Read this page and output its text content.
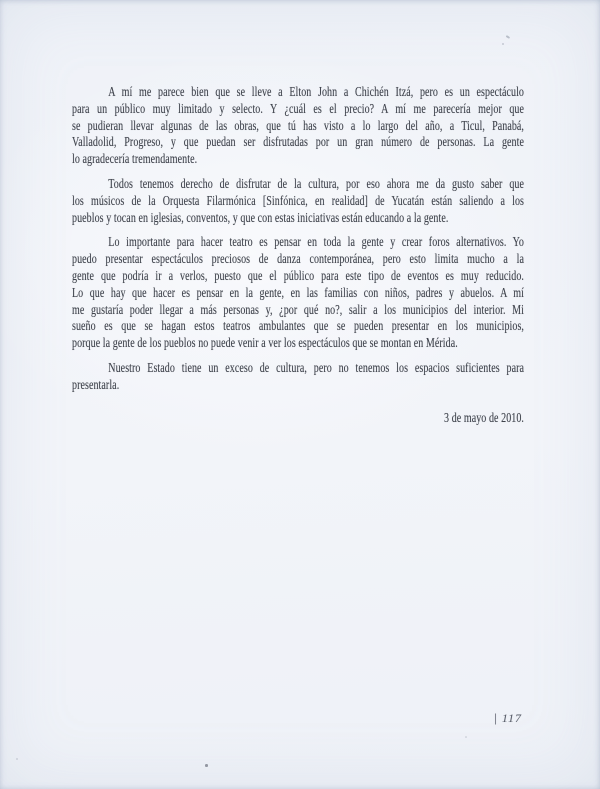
A mí me parece bien que se lleve a Elton John a Chichén Itzá, pero es un espectáculo
para un público muy limitado y selecto. Y ¿cuál es el precio? A mí me parecería mejor que
se pudieran llevar algunas de las obras, que tú has visto a lo largo del año, a Ticul, Panabá,
Valladolid, Progreso, y que puedan ser disfrutadas por un gran número de personas. La gente
lo agradecería tremendamente.
Todos tenemos derecho de disfrutar de la cultura, por eso ahora me da gusto saber que
los músicos de la Orquesta Filarmónica [Sinfónica, en realidad] de Yucatán están saliendo a los
pueblos y tocan en iglesias, conventos, y que con estas iniciativas están educando a la gente.
Lo importante para hacer teatro es pensar en toda la gente y crear foros alternativos. Yo
puedo presentar espectáculos preciosos de danza contemporánea, pero esto limita mucho a la
gente que podría ir a verlos, puesto que el público para este tipo de eventos es muy reducido.
Lo que hay que hacer es pensar en la gente, en las familias con niños, padres y abuelos. A mí
me gustaría poder llegar a más personas y, ¿por qué no?, salir a los municipios del interior. Mi
sueño es que se hagan estos teatros ambulantes que se pueden presentar en los municipios,
porque la gente de los pueblos no puede venir a ver los espectáculos que se montan en Mérida.
Nuestro Estado tiene un exceso de cultura, pero no tenemos los espacios suficientes para
presentarla.
3 de mayo de 2010.
| 117
